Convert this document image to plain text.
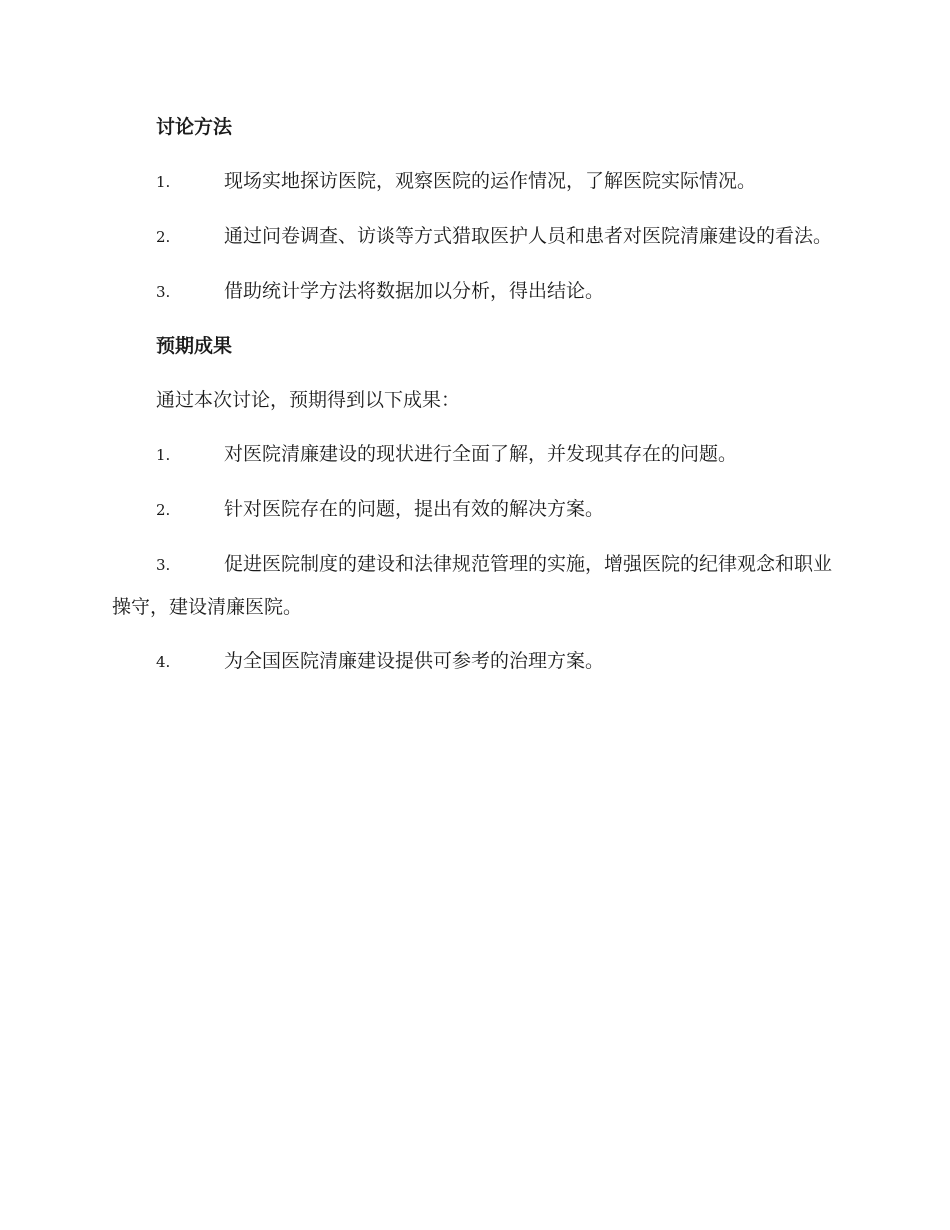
讨论方法
1.	现场实地探访医院，观察医院的运作情况，了解医院实际情况。
2.	通过问卷调查、访谈等方式猎取医护人员和患者对医院清廉建设的看法。
3.	借助统计学方法将数据加以分析，得出结论。
预期成果
通过本次讨论，预期得到以下成果：
1.	对医院清廉建设的现状进行全面了解，并发现其存在的问题。
2.	针对医院存在的问题，提出有效的解决方案。
3.	促进医院制度的建设和法律规范管理的实施，增强医院的纪律观念和职业操守，建设清廉医院。
4.	为全国医院清廉建设提供可参考的治理方案。
